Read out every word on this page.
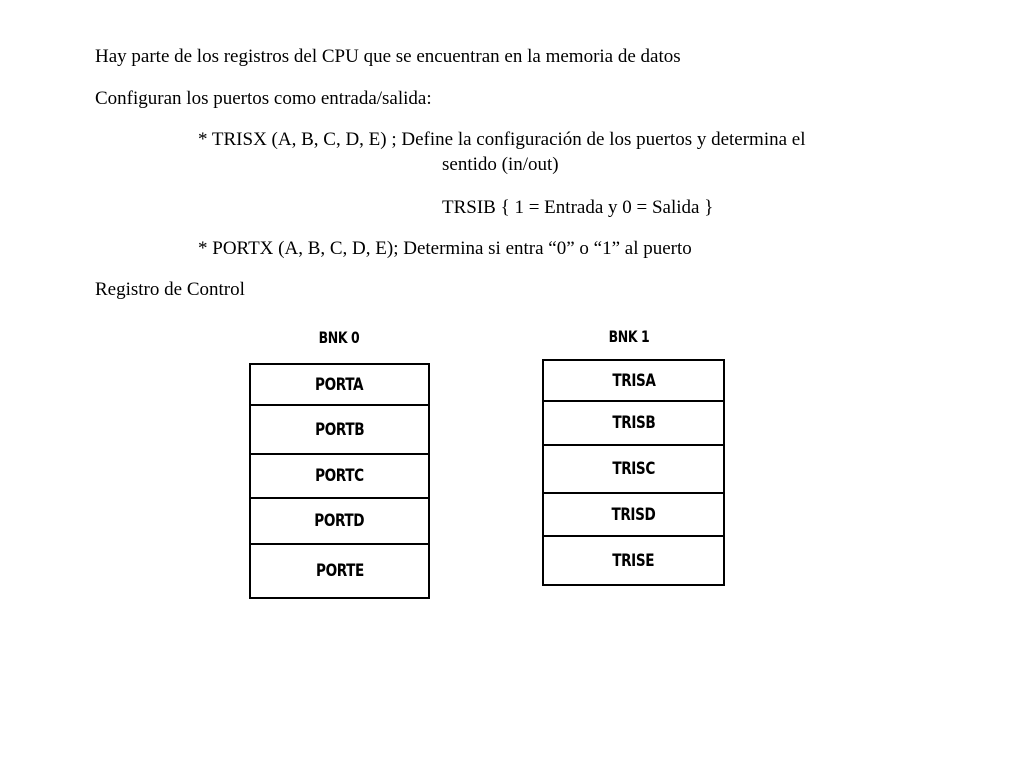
Hay parte de los registros del CPU que se encuentran en la memoria de datos
Configuran los puertos como entrada/salida:
* TRISX (A, B, C, D, E) ; Define la configuración de los puertos y determina el
sentido (in/out)
TRSIB { 1 = Entrada y 0 = Salida }
* PORTX (A, B, C, D, E); Determina si entra “0” o “1” al puerto
Registro de Control
BNK 0
PORTA
PORTB
PORTC
PORTD
PORTE
BNK 1
TRISA
TRISB
TRISC
TRISD
TRISE
